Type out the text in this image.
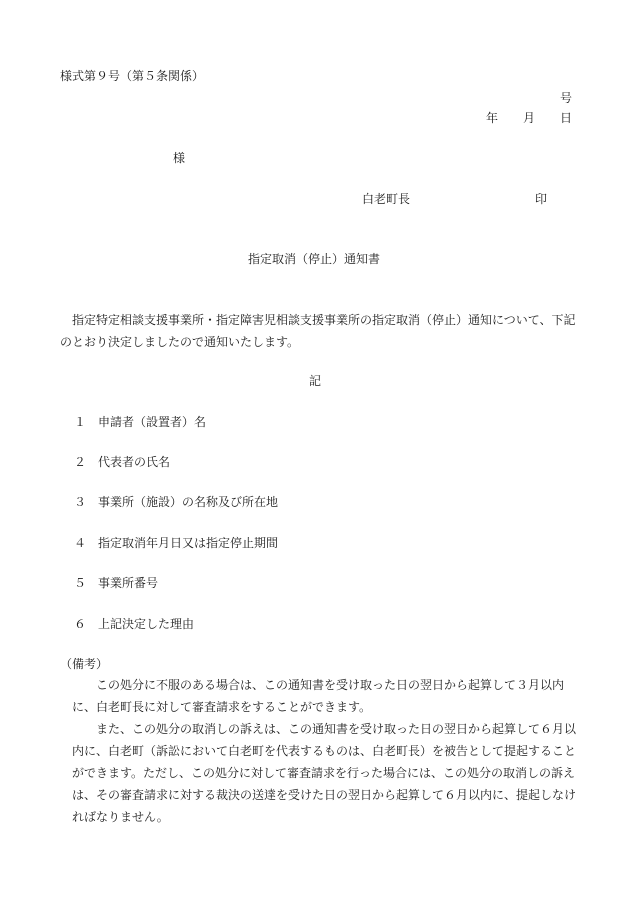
様式第９号（第５条関係）
号
年 月 日
様
白老町長	印
指定取消（停止）通知書
　指定特定相談支援事業所・指定障害児相談支援事業所の指定取消（停止）通知について、下記のとおり決定しましたので通知いたします。
記
１ 申請者（設置者）名
２ 代表者の氏名
３ 事業所（施設）の名称及び所在地
４ 指定取消年月日又は指定停止期間
５ 事業所番号
６ 上記決定した理由
（備考）
　この処分に不服のある場合は、この通知書を受け取った日の翌日から起算して３月以内に、白老町長に対して審査請求をすることができます。
　また、この処分の取消しの訴えは、この通知書を受け取った日の翌日から起算して６月以内に、白老町（訴訟において白老町を代表するものは、白老町長）を被告として提起することができます。ただし、この処分に対して審査請求を行った場合には、この処分の取消しの訴えは、その審査請求に対する裁決の送達を受けた日の翌日から起算して６月以内に、提起しなければなりません。
